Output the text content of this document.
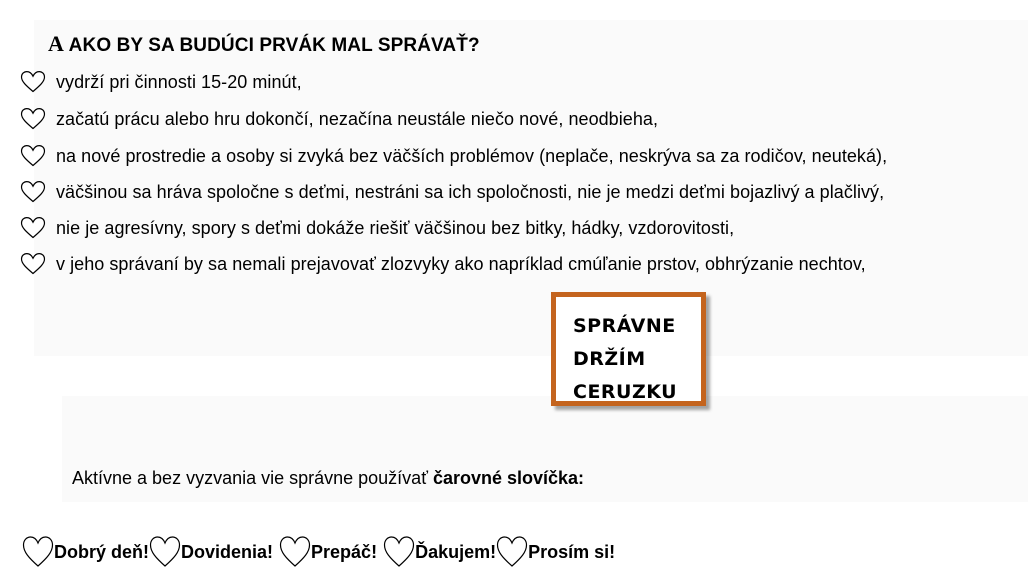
A AKO BY SA BUDÚCI PRVÁK MAL SPRÁVAŤ?
vydrží pri činnosti 15-20 minút,
začatú prácu alebo hru dokončí, nezačína neustále niečo nové, neodbieha,
na nové prostredie a osoby si zvyká bez väčších problémov (neplače, neskrýva sa za rodičov, neuteká),
väčšinou sa hráva spoločne s deťmi, nestráni sa ich spoločnosti, nie je medzi deťmi bojazlivý a plačlivý,
nie je agresívny, spory s deťmi dokáže riešiť väčšinou bez bitky, hádky, vzdorovitosti,
v jeho správaní by sa nemali prejavovať zlozvyky ako napríklad cmúľanie prstov, obhrýzanie nechtov,
SPRÁVNE
DRŽÍM
CERUZKU
Aktívne a bez vyzvania vie správne používať čarovné slovíčka:
Dobrý deň! Dovidenia! Prepáč! Ďakujem! Prosím si!
